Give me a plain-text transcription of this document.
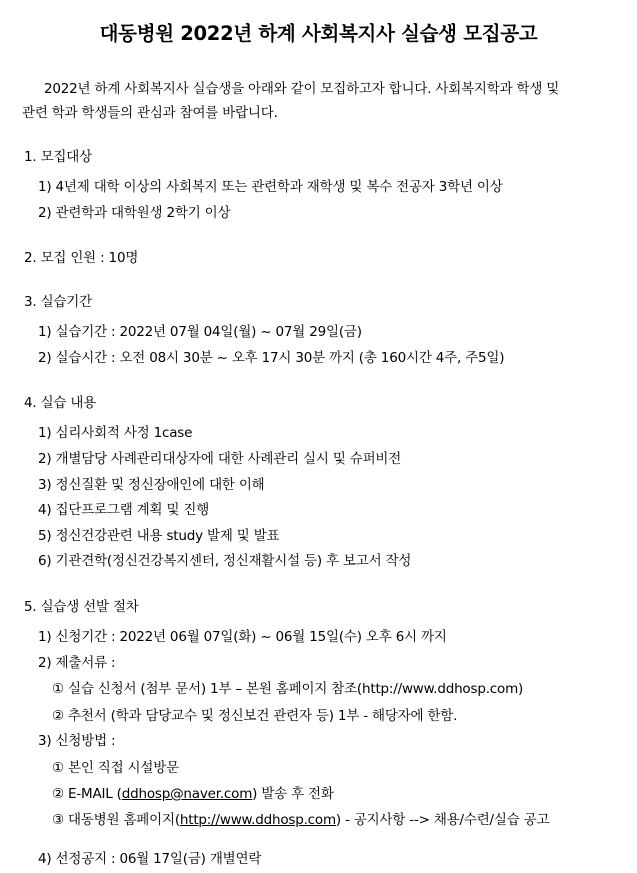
대동병원 2022년 하계 사회복지사 실습생 모집공고

2022년 하계 사회복지사 실습생을 아래와 같이 모집하고자 합니다. 사회복지학과 학생 및

관련 학과 학생들의 관심과 참여를 바랍니다.

1. 모집대상

1) 4년제 대학 이상의 사회복지 또는 관련학과 재학생 및 복수 전공자 3학년 이상

2) 관련학과 대학원생 2학기 이상

2. 모집 인원 : 10명

3. 실습기간

1) 실습기간 : 2022년 07월 04일(월) ~ 07월 29일(금)

2) 실습시간 : 오전 08시 30분 ~ 오후 17시 30분 까지 (총 160시간 4주, 주5일)

4. 실습 내용

1) 심리사회적 사정 1case

2) 개별담당 사례관리대상자에 대한 사례관리 실시 및 슈퍼비전

3) 정신질환 및 정신장애인에 대한 이해

4) 집단프로그램 계획 및 진행

5) 정신건강관련 내용 study 발제 및 발표

6) 기관견학(정신건강복지센터, 정신재활시설 등) 후 보고서 작성

5. 실습생 선발 절차

1) 신청기간 : 2022년 06월 07일(화) ~ 06월 15일(수) 오후 6시 까지

2) 제출서류 :

① 실습 신청서 (첨부 문서) 1부 – 본원 홈페이지 참조(http://www.ddhosp.com)

② 추천서 (학과 담당교수 및 정신보건 관련자 등) 1부 - 해당자에 한함.

3) 신청방법 :

① 본인 직접 시설방문

② E-MAIL (ddhosp@naver.com) 발송 후 전화

③ 대동병원 홈페이지(http://www.ddhosp.com) - 공지사항 --> 채용/수련/실습 공고

4) 선정공지 : 06월 17일(금) 개별연락
